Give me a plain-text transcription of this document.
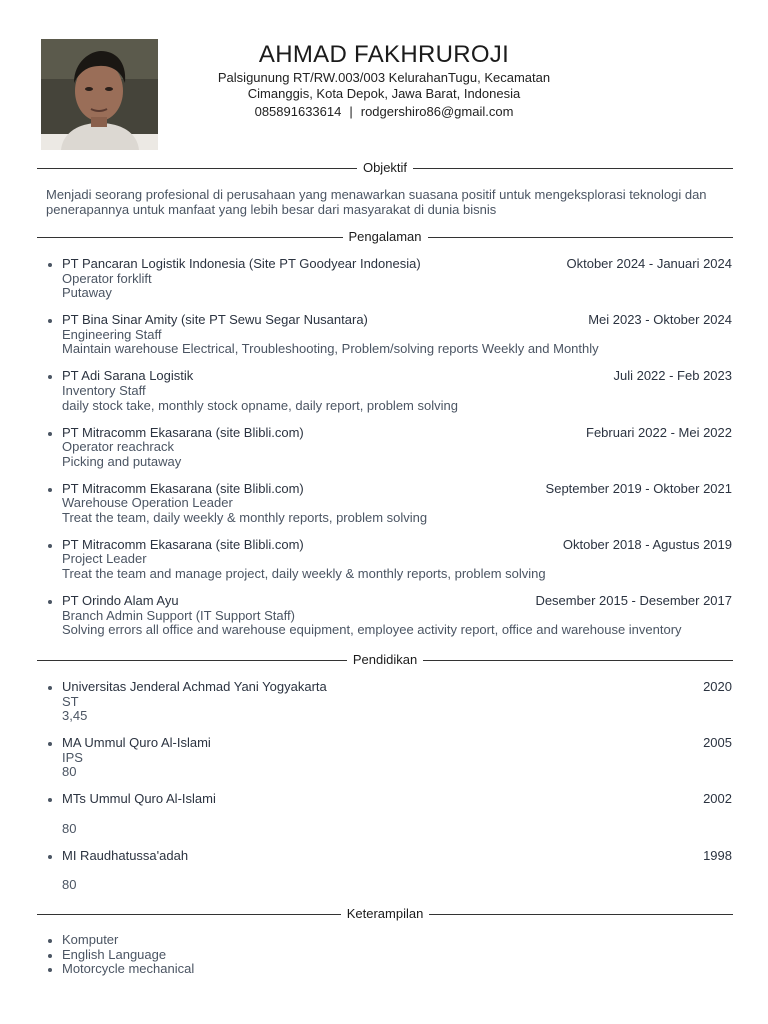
AHMAD FAKHRUROJI
Palsigunung RT/RW.003/003 KelurahanTugu, Kecamatan
Cimanggis, Kota Depok, Jawa Barat, Indonesia
085891633614 | rodgershiro86@gmail.com
Objektif
Menjadi seorang profesional di perusahaan yang menawarkan suasana positif untuk mengeksplorasi teknologi dan penerapannya untuk manfaat yang lebih besar dari masyarakat di dunia bisnis
Pengalaman
PT Pancaran Logistik Indonesia (Site PT Goodyear Indonesia)	Oktober 2024 - Januari 2024
Operator forklift
Putaway
PT Bina Sinar Amity (site PT Sewu Segar Nusantara)	Mei 2023 - Oktober 2024
Engineering Staff
Maintain warehouse Electrical, Troubleshooting, Problem/solving reports Weekly and Monthly
PT Adi Sarana Logistik	Juli 2022 - Feb 2023
Inventory Staff
daily stock take, monthly stock opname, daily report, problem solving
PT Mitracomm Ekasarana (site Blibli.com)	Februari 2022 - Mei 2022
Operator reachrack
Picking and putaway
PT Mitracomm Ekasarana (site Blibli.com)	September 2019 - Oktober 2021
Warehouse Operation Leader
Treat the team, daily weekly & monthly reports, problem solving
PT Mitracomm Ekasarana (site Blibli.com)	Oktober 2018 - Agustus 2019
Project Leader
Treat the team and manage project, daily weekly & monthly reports, problem solving
PT Orindo Alam Ayu	Desember 2015 - Desember 2017
Branch Admin Support (IT Support Staff)
Solving errors all office and warehouse equipment, employee activity report, office and warehouse inventory
Pendidikan
Universitas Jenderal Achmad Yani Yogyakarta	2020
ST
3,45
MA Ummul Quro Al-Islami	2005
IPS
80
MTs Ummul Quro Al-Islami	2002
80
MI Raudhatussa'adah	1998
80
Keterampilan
Komputer
English Language
Motorcycle mechanical
